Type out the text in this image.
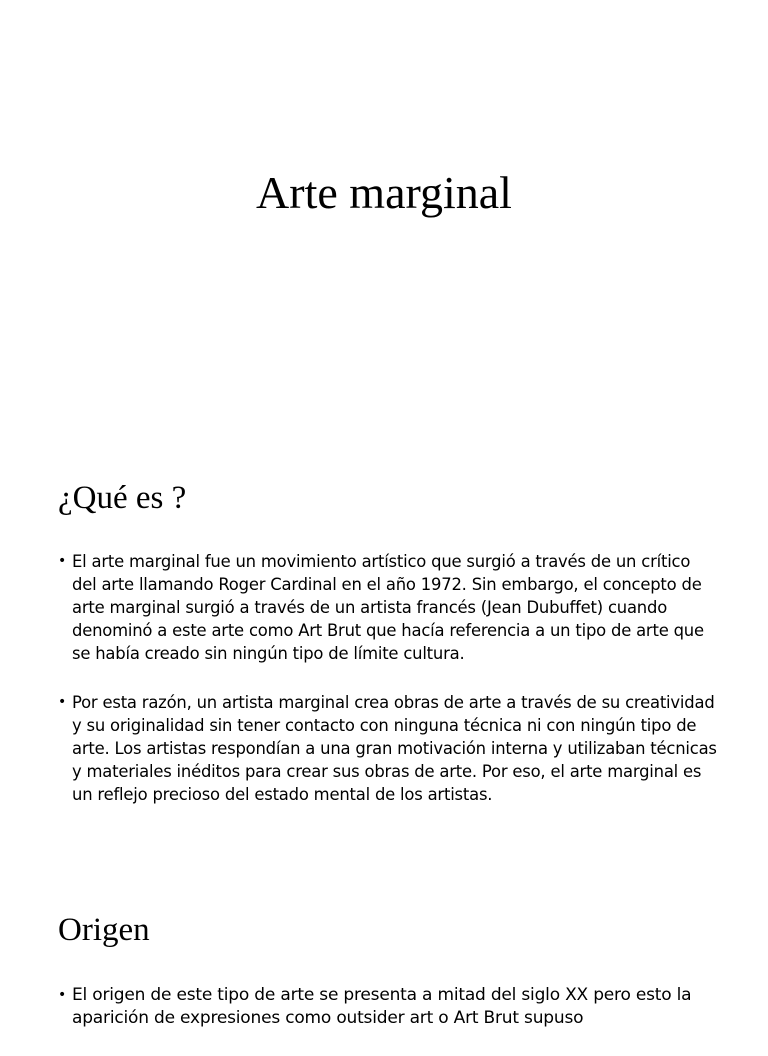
Arte marginal
¿Qué es ?
• El arte marginal fue un movimiento artístico que surgió a través de un crítico del arte llamando Roger Cardinal en el año 1972. Sin embargo, el concepto de arte marginal surgió a través de un artista francés (Jean Dubuffet) cuando denominó a este arte como Art Brut que hacía referencia a un tipo de arte que se había creado sin ningún tipo de límite cultura.
• Por esta razón, un artista marginal crea obras de arte a través de su creatividad y su originalidad sin tener contacto con ninguna técnica ni con ningún tipo de arte. Los artistas respondían a una gran motivación interna y utilizaban técnicas y materiales inéditos para crear sus obras de arte. Por eso, el arte marginal es un reflejo precioso del estado mental de los artistas.
Origen
• El origen de este tipo de arte se presenta a mitad del siglo XX pero esto la aparición de expresiones como outsider art o Art Brut supuso
